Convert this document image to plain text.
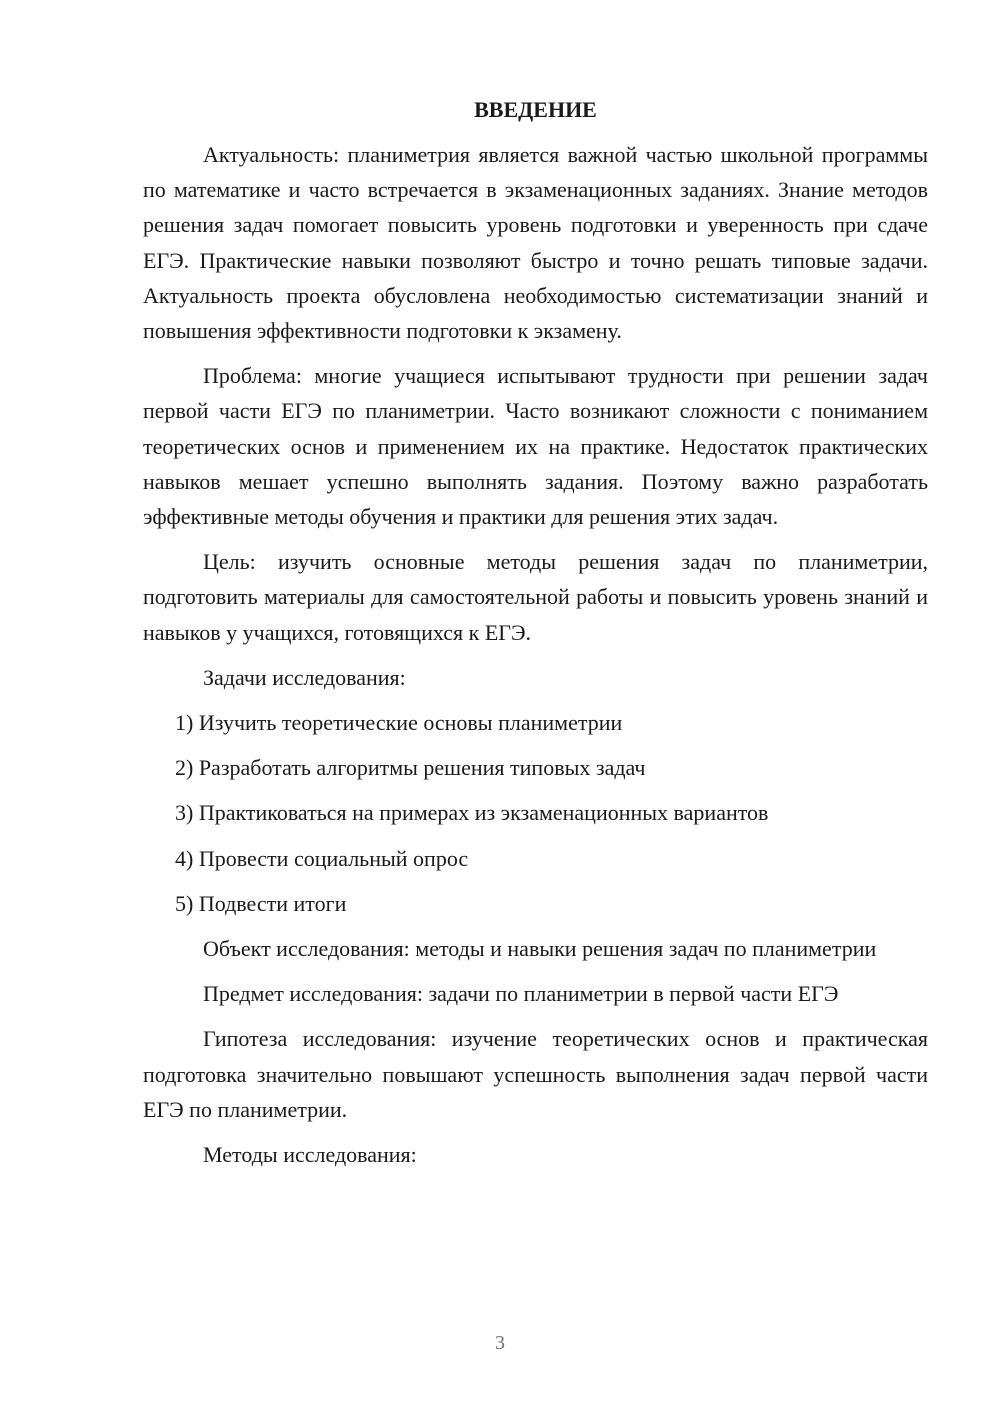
ВВЕДЕНИЕ

Актуальность: планиметрия является важной частью школьной программы по математике и часто встречается в экзаменационных заданиях. Знание методов решения задач помогает повысить уровень подготовки и уверенность при сдаче ЕГЭ. Практические навыки позволяют быстро и точно решать типовые задачи. Актуальность проекта обусловлена необходимостью систематизации знаний и повышения эффективности подготовки к экзамену.

Проблема: многие учащиеся испытывают трудности при решении задач первой части ЕГЭ по планиметрии. Часто возникают сложности с пониманием теоретических основ и применением их на практике. Недостаток практических навыков мешает успешно выполнять задания. Поэтому важно разработать эффективные методы обучения и практики для решения этих задач.

Цель: изучить основные методы решения задач по планиметрии, подготовить материалы для самостоятельной работы и повысить уровень знаний и навыков у учащихся, готовящихся к ЕГЭ.

Задачи исследования:

1) Изучить теоретические основы планиметрии
2) Разработать алгоритмы решения типовых задач
3) Практиковаться на примерах из экзаменационных вариантов
4) Провести социальный опрос
5) Подвести итоги

Объект исследования: методы и навыки решения задач по планиметрии

Предмет исследования: задачи по планиметрии в первой части ЕГЭ

Гипотеза исследования: изучение теоретических основ и практическая подготовка значительно повышают успешность выполнения задач первой части ЕГЭ по планиметрии.

Методы исследования:

3
